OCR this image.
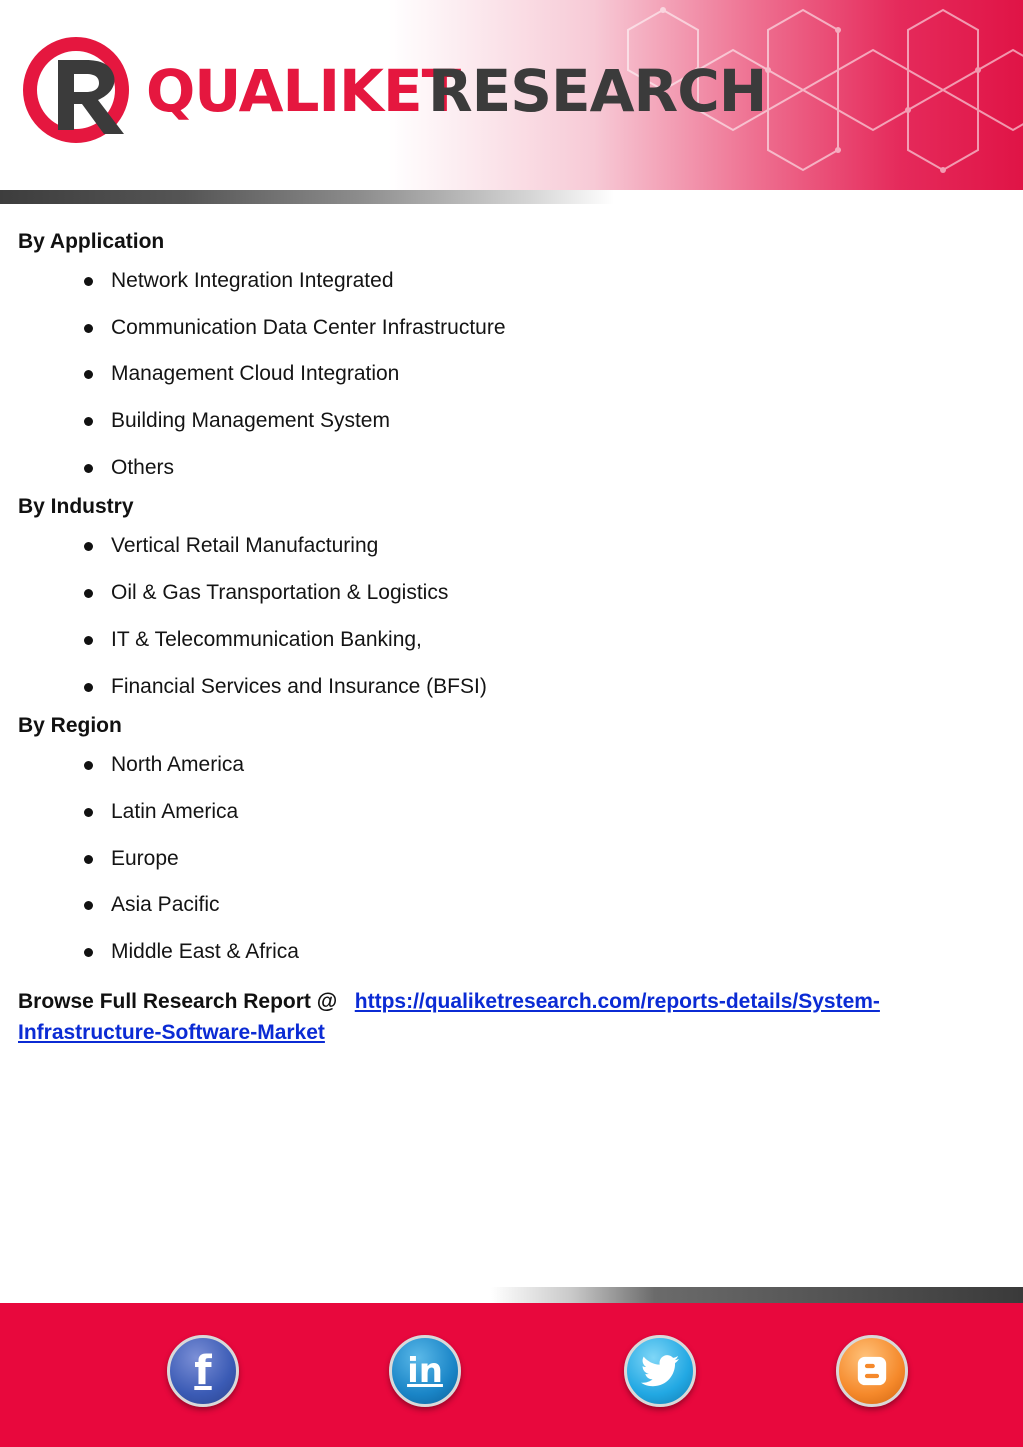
QUALIKET
RESEARCH
By Application
Network Integration Integrated
Communication Data Center Infrastructure
Management Cloud Integration
Building Management System
Others
By Industry
Vertical Retail Manufacturing
Oil & Gas Transportation & Logistics
IT & Telecommunication Banking,
Financial Services and Insurance (BFSI)
By Region
North America
Latin America
Europe
Asia Pacific
Middle East & Africa

Browse Full Research Report @ https://qualiketresearch.com/reports-details/System-Infrastructure-Software-Market

f	in
